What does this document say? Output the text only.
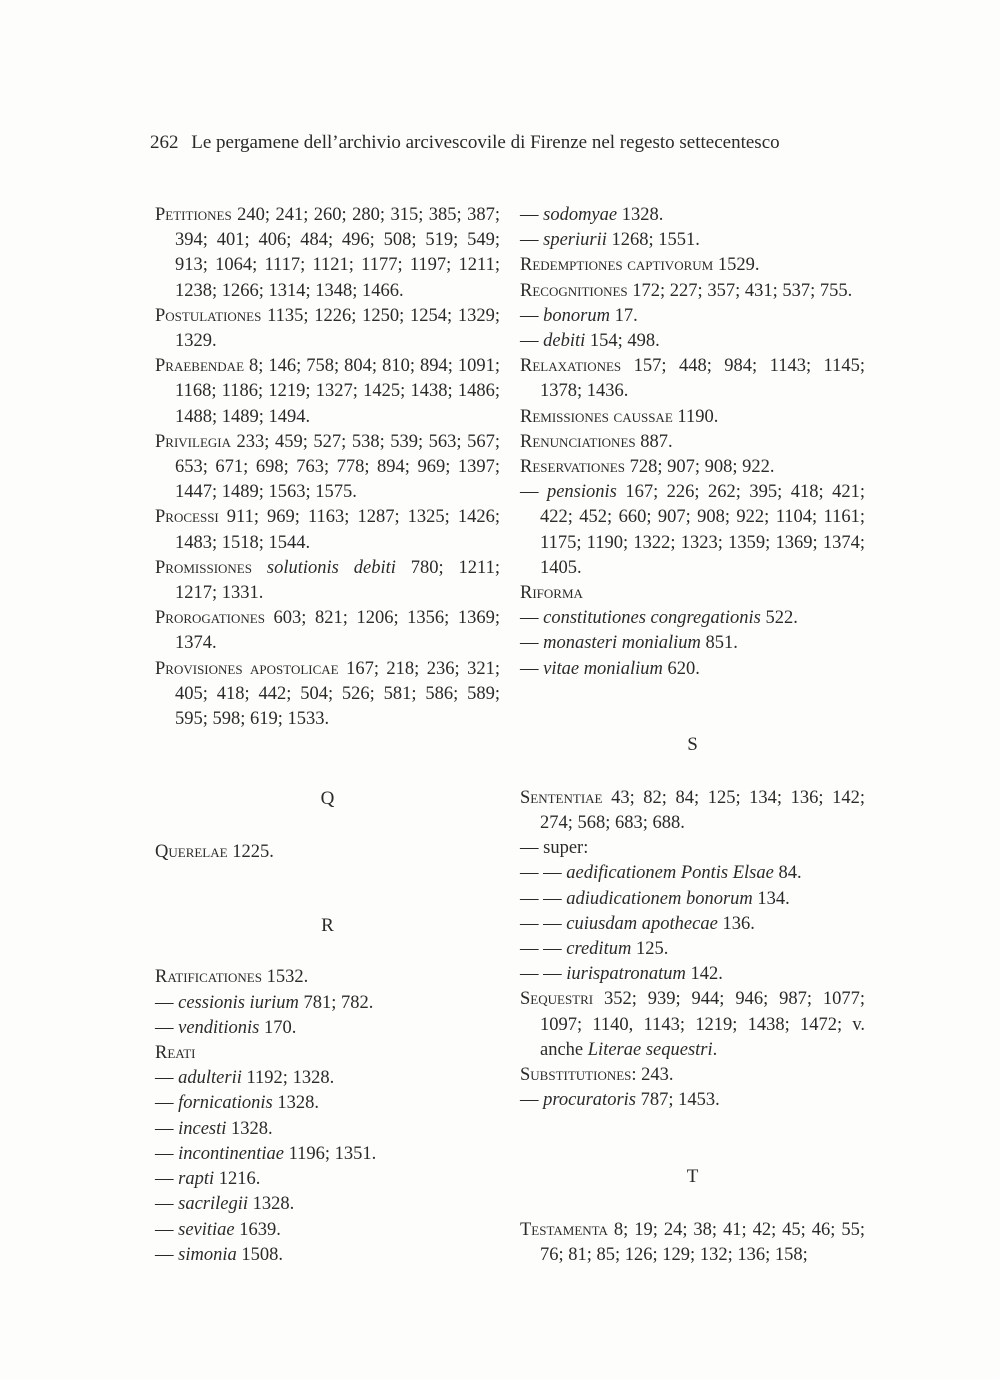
262 Le pergamene dell’archivio arcivescovile di Firenze nel regesto settecentesco
Petitiones 240; 241; 260; 280; 315; 385; 387; 394; 401; 406; 484; 496; 508; 519; 549; 913; 1064; 1117; 1121; 1177; 1197; 1211; 1238; 1266; 1314; 1348; 1466.
Postulationes 1135; 1226; 1250; 1254; 1329; 1329.
Praebendae 8; 146; 758; 804; 810; 894; 1091; 1168; 1186; 1219; 1327; 1425; 1438; 1486; 1488; 1489; 1494.
Privilegia 233; 459; 527; 538; 539; 563; 567; 653; 671; 698; 763; 778; 894; 969; 1397; 1447; 1489; 1563; 1575.
Processi 911; 969; 1163; 1287; 1325; 1426; 1483; 1518; 1544.
Promissiones solutionis debiti 780; 1211; 1217; 1331.
Prorogationes 603; 821; 1206; 1356; 1369; 1374.
Provisiones apostolicae 167; 218; 236; 321; 405; 418; 442; 504; 526; 581; 586; 589; 595; 598; 619; 1533.
Q
Querelae 1225.
R
Ratificationes 1532.
— cessionis iurium 781; 782.
— venditionis 170.
Reati
— adulterii 1192; 1328.
— fornicationis 1328.
— incesti 1328.
— incontinentiae 1196; 1351.
— rapti 1216.
— sacrilegii 1328.
— sevitiae 1639.
— simonia 1508.
— sodomyae 1328.
— speriurii 1268; 1551.
Redemptiones captivorum 1529.
Recognitiones 172; 227; 357; 431; 537; 755.
— bonorum 17.
— debiti 154; 498.
Relaxationes 157; 448; 984; 1143; 1145; 1378; 1436.
Remissiones caussae 1190.
Renunciationes 887.
Reservationes 728; 907; 908; 922.
— pensionis 167; 226; 262; 395; 418; 421; 422; 452; 660; 907; 908; 922; 1104; 1161; 1175; 1190; 1322; 1323; 1359; 1369; 1374; 1405.
Riforma
— constitutiones congregationis 522.
— monasteri monialium 851.
— vitae monialium 620.
S
Sententiae 43; 82; 84; 125; 134; 136; 142; 274; 568; 683; 688.
— super:
— — aedificationem Pontis Elsae 84.
— — adiudicationem bonorum 134.
— — cuiusdam apothecae 136.
— — creditum 125.
— — iurispatronatum 142.
Sequestri 352; 939; 944; 946; 987; 1077; 1097; 1140, 1143; 1219; 1438; 1472; v. anche Literae sequestri.
Substitutiones: 243.
— procuratoris 787; 1453.
T
Testamenta 8; 19; 24; 38; 41; 42; 45; 46; 55; 76; 81; 85; 126; 129; 132; 136; 158;
